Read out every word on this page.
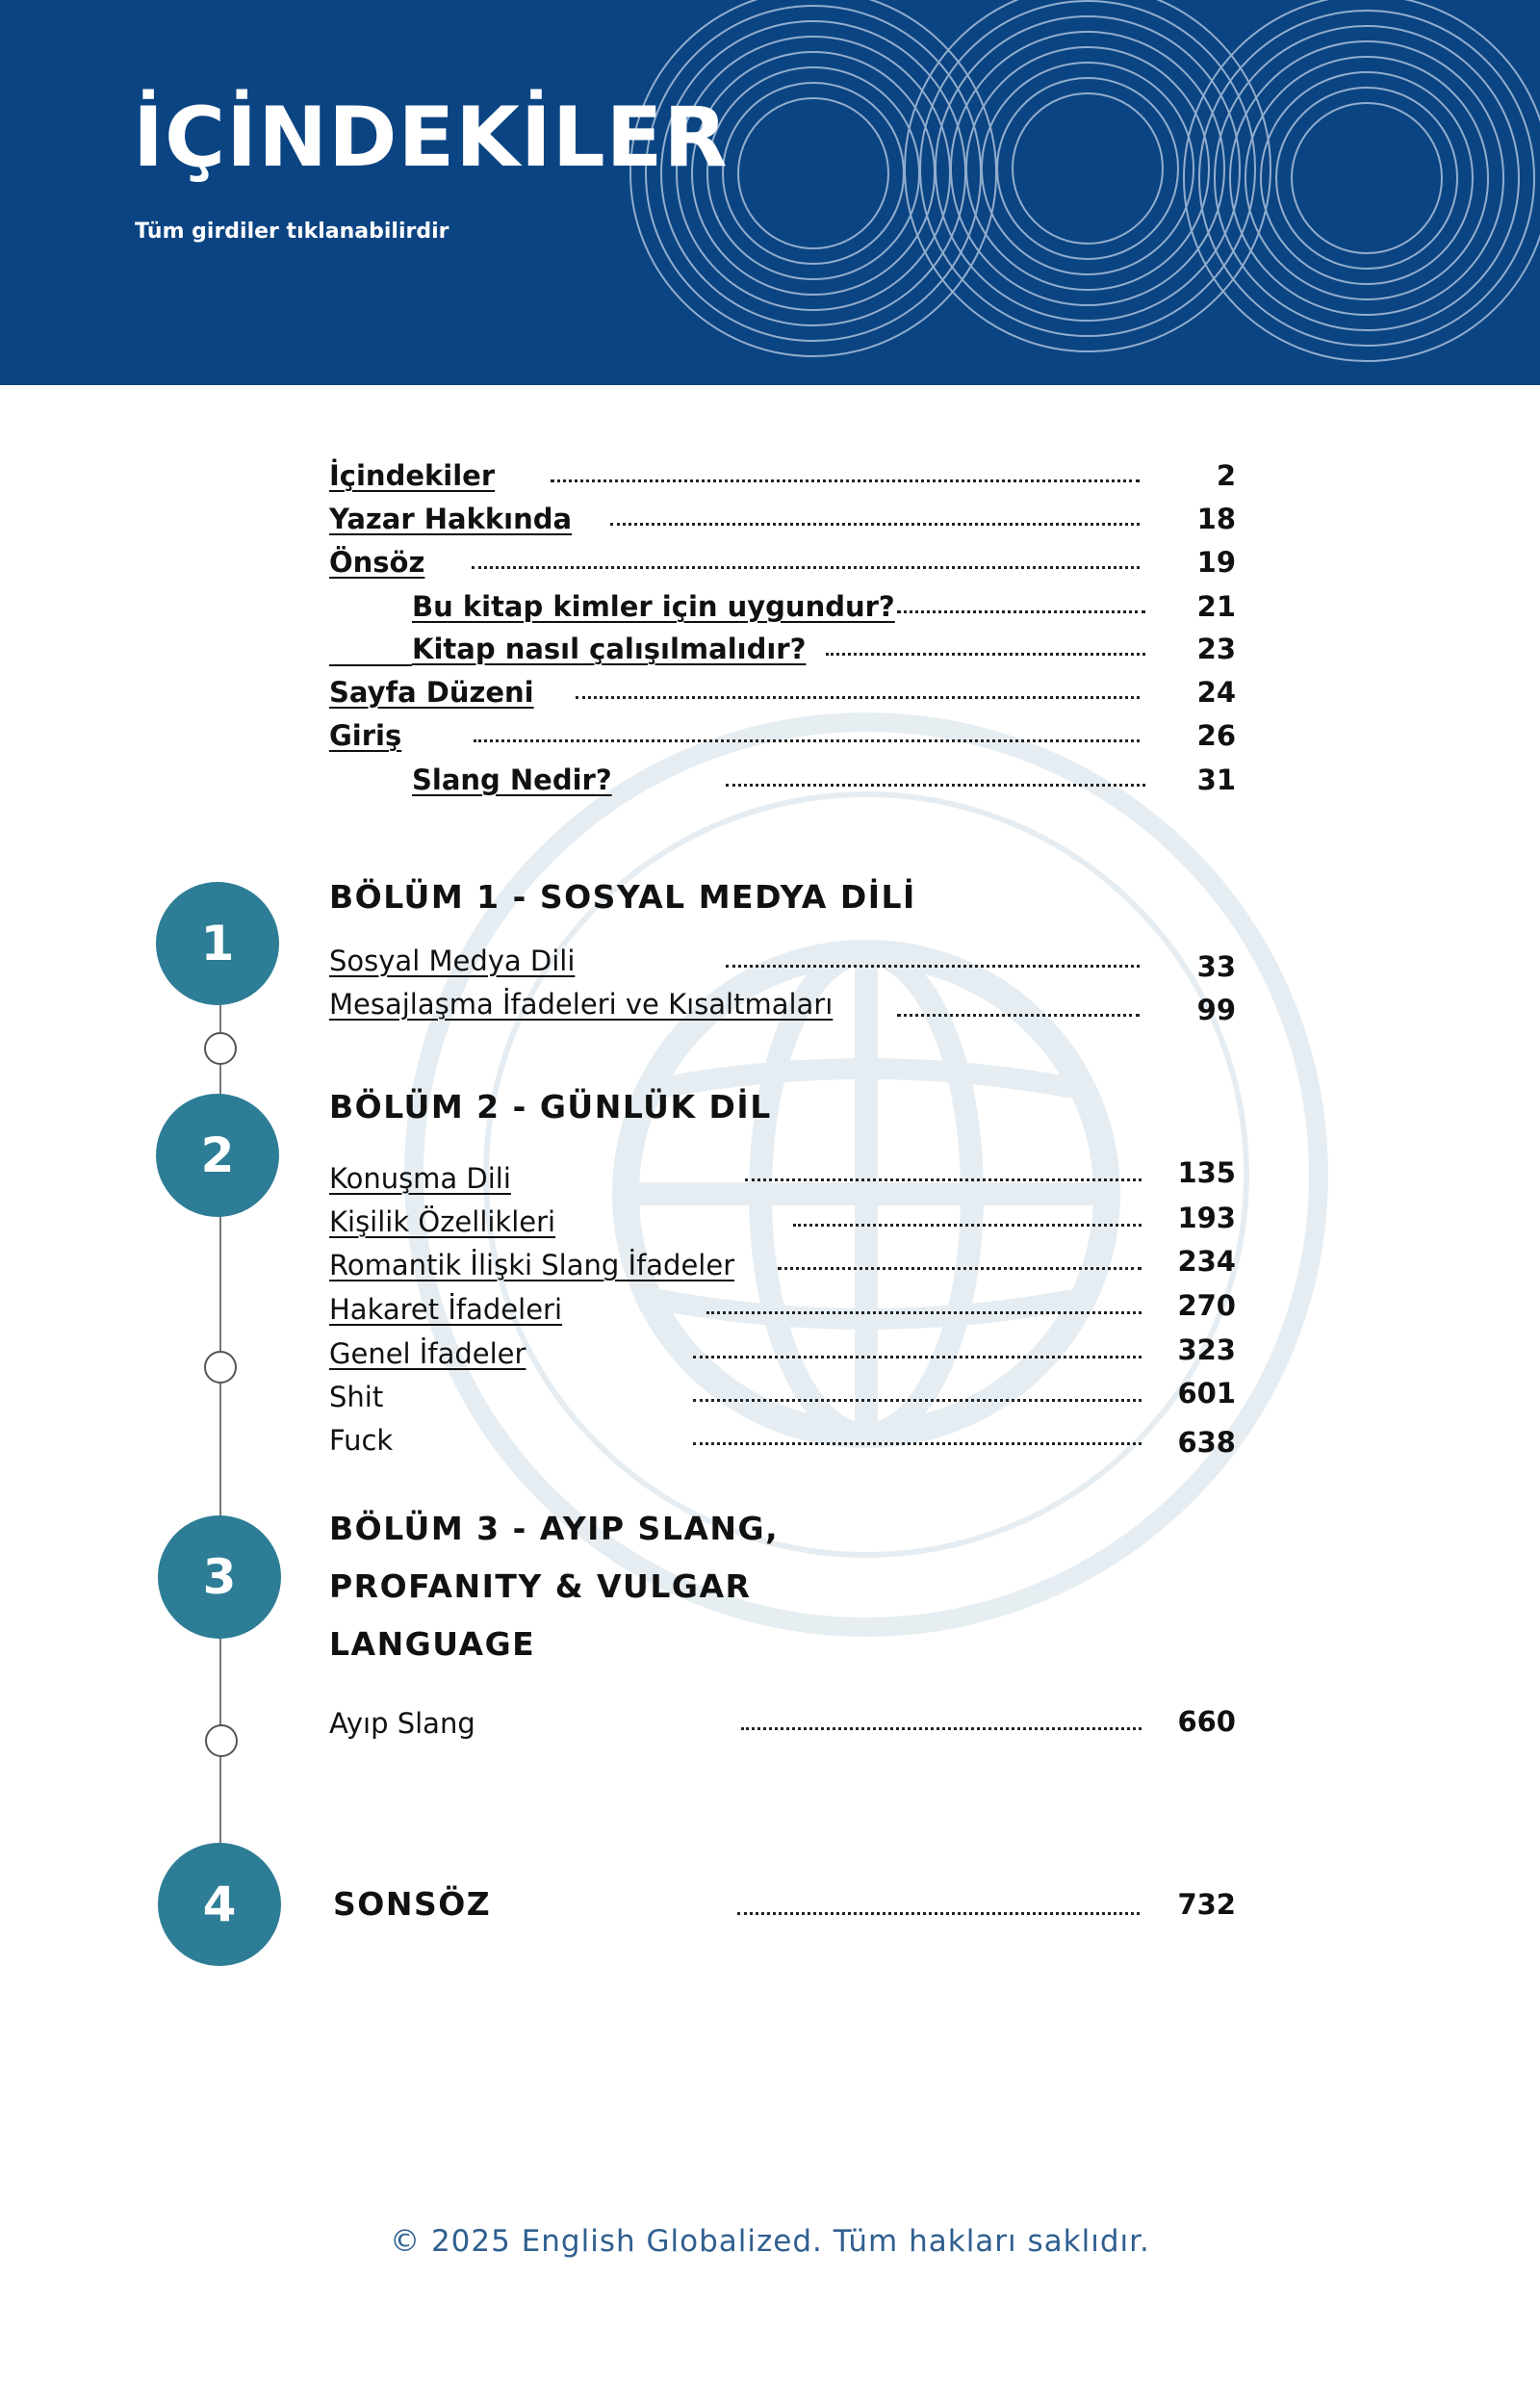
İÇİNDEKİLER
Tüm girdiler tıklanabilirdir
İçindekiler	2
Yazar Hakkında	18
Önsöz	19
Bu kitap kimler için uygundur?	21
Kitap nasıl çalışılmalıdır?	23
Sayfa Düzeni	24
Giriş	26
Slang Nedir?	31
1
BÖLÜM 1 - SOSYAL MEDYA DİLİ
Sosyal Medya Dili	33
Mesajlaşma İfadeleri ve Kısaltmaları	99
2
BÖLÜM 2 - GÜNLÜK DİL
Konuşma Dili	135
Kişilik Özellikleri	193
Romantik İlişki Slang İfadeler	234
Hakaret İfadeleri	270
Genel İfadeler	323
Shit	601
Fuck	638
3
BÖLÜM 3 - AYIP SLANG,
PROFANITY & VULGAR
LANGUAGE
Ayıp Slang	660
4	SONSÖZ	732
© 2025 English Globalized. Tüm hakları saklıdır.
